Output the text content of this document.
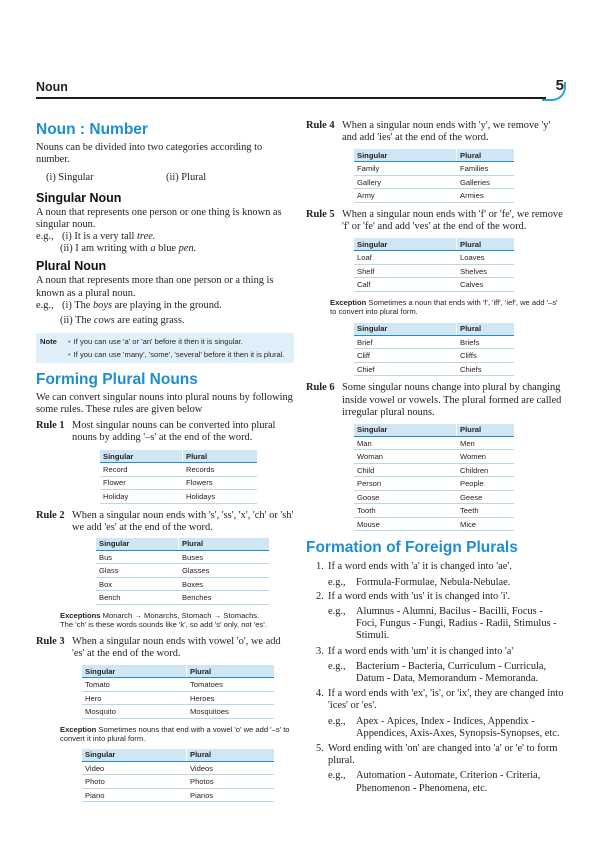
Noun	5
Noun : Number

Nouns can be divided into two categories according to number.

(i) Singular	(ii) Plural
Singular Noun

A noun that represents one person or one thing is known as singular noun.

e.g., (i) It is a very tall
tree.
(ii) I am writing with
a blue pen.
Plural Noun

A noun that represents more than one person or a thing is known as a plural noun.

e.g., (i) The boys are playing in the ground.
(ii) The cows are eating grass.
Note • If you can use 'a' or 'an' before it then it is singular.
• If you can use 'many', 'some', 'several' before it then it is plural.
Forming Plural Nouns

We can convert singular nouns into plural nouns by following some rules. These rules are given below

Rule 1 Most singular nouns can be converted into plural nouns by adding '–s' at the end of the word.
Singular	Plural
Record	Records
Flower	Flowers
Holiday	Holidays
Rule 2 When a singular noun ends with 's', 'ss', 'x', 'ch' or 'sh' we add 'es' at the end of the word.
Singular	Plural
Bus	Buses
Glass	Glasses
Box	Boxes
Bench	Benches
Exceptions Monarch → Monarchs, Stomach → Stomachs.
The 'ch' is these words sounds like 'k', so add 's' only, not 'es'.
Rule 3 When a singular noun ends with vowel 'o', we add 'es' at the end of the word.
Singular	Plural
Tomato	Tomatoes
Hero	Heroes
Mosquito	Mosquitoes
Exception Sometimes nouns that end with a vowel 'o' we add '–s' to convert it into plural form.
Singular	Plural
Video	Videos
Photo	Photos
Piano	Pianos
Rule 4 When a singular noun ends with 'y', we remove 'y' and add 'ies' at the end of the word.
Singular	Plural
Family	Families
Gallery	Galleries
Army	Armies
Rule 5 When a singular noun ends with 'f' or 'fe', we remove 'f' or 'fe' and add 'ves' at the end of the word.
Singular	Plural
Loaf	Loaves
Shelf	Shelves
Calf	Calves
Exception Sometimes a noun that ends with 'f', 'iff', 'ief', we add '–s' to convert into plural form.
Singular	Plural
Brief	Briefs
Cliff	Cliffs
Chief	Chiefs
Rule 6 Some singular nouns change into plural by changing inside vowel or vowels. The plural formed are called irregular plural nouns.
Singular	Plural
Man	Men
Woman	Women
Child	Children
Person	People
Goose	Geese
Tooth	Teeth
Mouse	Mice
Formation of Foreign Plurals
1. If a word ends with 'a' it is changed into 'ae'.
e.g., Formula-Formulae, Nebula-Nebulae.
2. If a word ends with 'us' it is changed into 'i'.
e.g., Alumnus - Alumni, Bacilus - Bacilli, Focus - Foci, Fungus - Fungi, Radius - Radii, Stimulus - Stimuli.
3. If a word ends with 'um' it is changed into 'a'
e.g., Bacterium - Bacteria, Curriculum - Curricula, Datum - Data, Memorandum - Memoranda.
4. If a word ends with 'ex', 'is', or 'ix', they are changed into 'ices' or 'es'.
e.g., Apex - Apices, Index - Indices, Appendix - Appendices, Axis-Axes, Synopsis-Synopses, etc.
5. Word ending with 'on' are changed into 'a' or 'e' to form plural.
e.g., Automation - Automate, Criterion - Criteria, Phenomenon - Phenomena, etc.
